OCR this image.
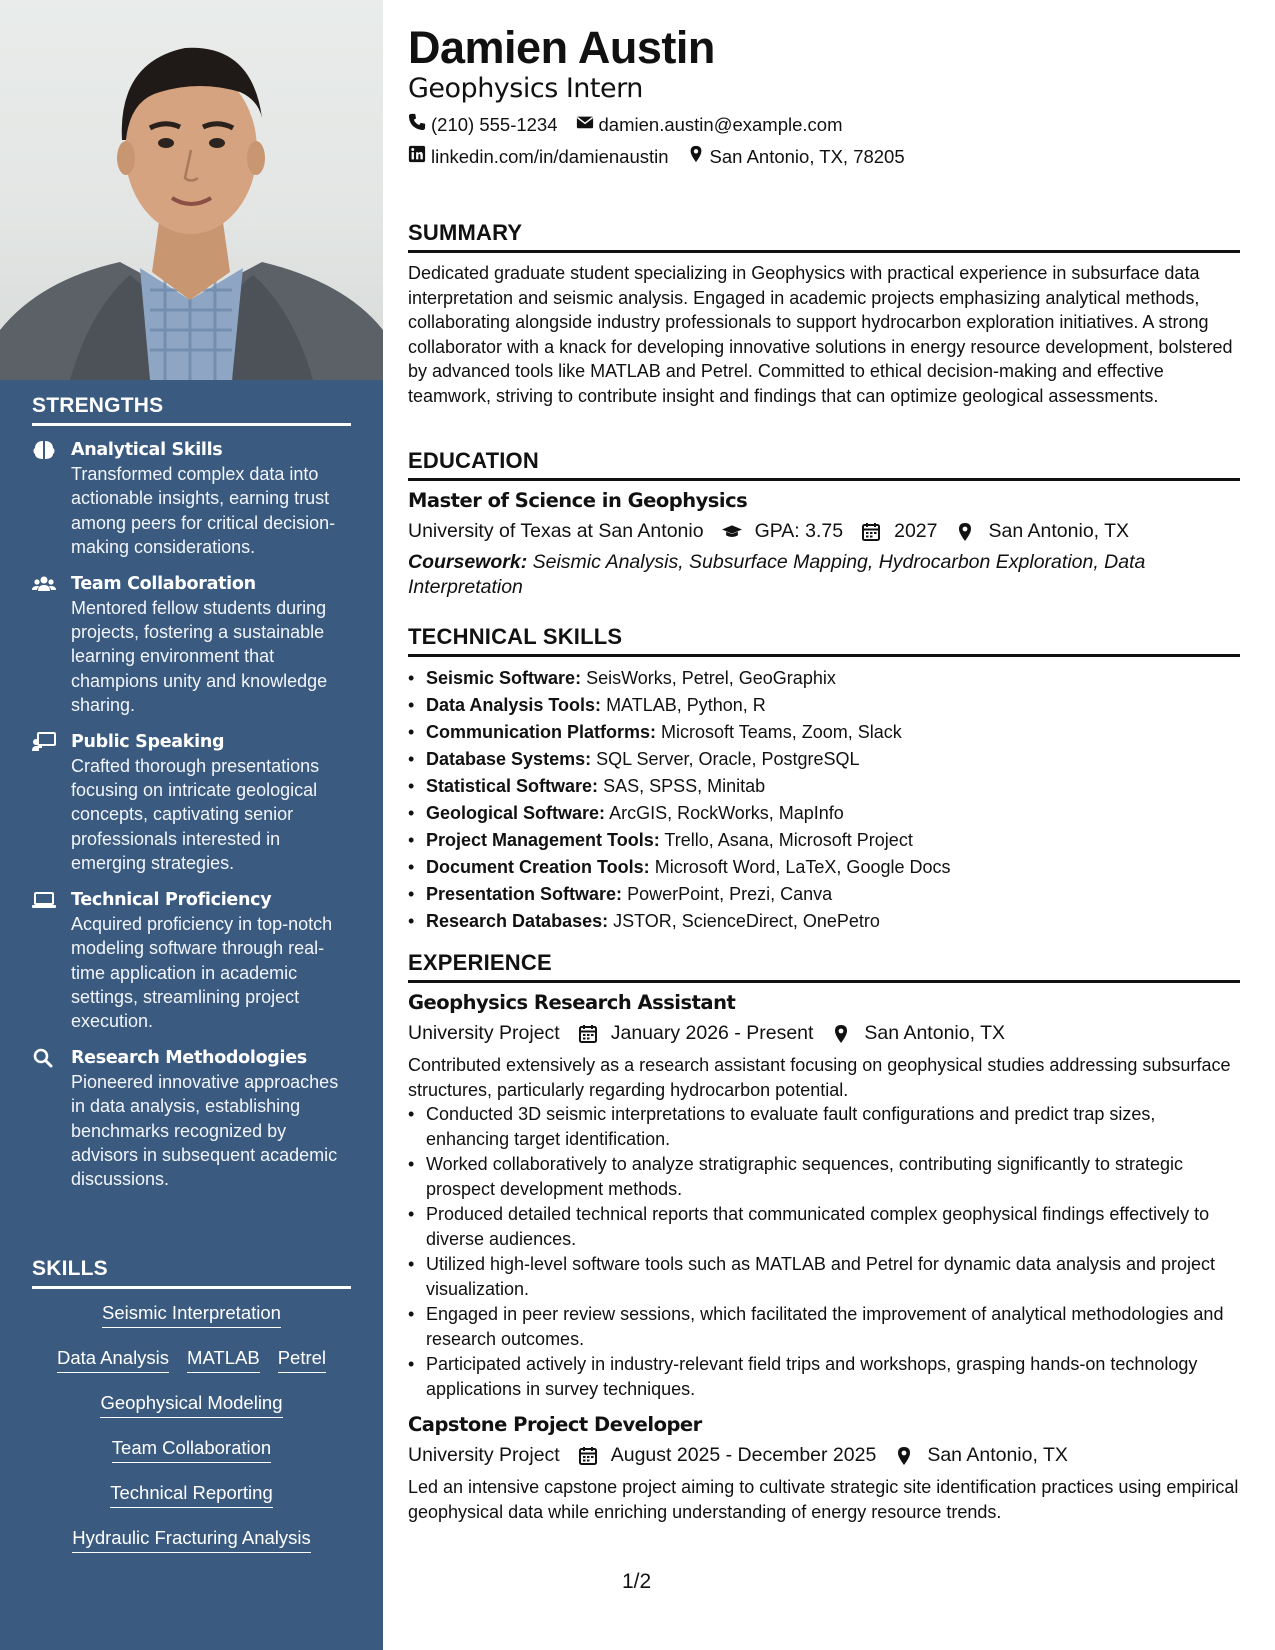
STRENGTHS
Analytical Skills
Transformed complex data into actionable insights, earning trust among peers for critical decision-making considerations.
Team Collaboration
Mentored fellow students during projects, fostering a sustainable learning environment that champions unity and knowledge sharing.
Public Speaking
Crafted thorough presentations focusing on intricate geological concepts, captivating senior professionals interested in emerging strategies.
Technical Proficiency
Acquired proficiency in top-notch modeling software through real-time application in academic settings, streamlining project execution.
Research Methodologies
Pioneered innovative approaches in data analysis, establishing benchmarks recognized by advisors in subsequent academic discussions.
SKILLS
Seismic Interpretation
Data Analysis MATLAB Petrel
Geophysical Modeling
Team Collaboration
Technical Reporting
Hydraulic Fracturing Analysis
Damien Austin
Geophysics Intern
(210) 555-1234 damien.austin@example.com
linkedin.com/in/damienaustin San Antonio, TX, 78205
SUMMARY
Dedicated graduate student specializing in Geophysics with practical experience in subsurface data interpretation and seismic analysis. Engaged in academic projects emphasizing analytical methods, collaborating alongside industry professionals to support hydrocarbon exploration initiatives. A strong collaborator with a knack for developing innovative solutions in energy resource development, bolstered by advanced tools like MATLAB and Petrel. Committed to ethical decision-making and effective teamwork, striving to contribute insight and findings that can optimize geological assessments.
EDUCATION
Master of Science in Geophysics
University of Texas at San Antonio	GPA: 3.75	2027	San Antonio, TX
Coursework: Seismic Analysis, Subsurface Mapping, Hydrocarbon Exploration, Data Interpretation
TECHNICAL SKILLS
• Seismic Software: SeisWorks, Petrel, GeoGraphix
• Data Analysis Tools: MATLAB, Python, R
• Communication Platforms: Microsoft Teams, Zoom, Slack
• Database Systems: SQL Server, Oracle, PostgreSQL
• Statistical Software: SAS, SPSS, Minitab
• Geological Software: ArcGIS, RockWorks, MapInfo
• Project Management Tools: Trello, Asana, Microsoft Project
• Document Creation Tools: Microsoft Word, LaTeX, Google Docs
• Presentation Software: PowerPoint, Prezi, Canva
• Research Databases: JSTOR, ScienceDirect, OnePetro
EXPERIENCE
Geophysics Research Assistant
University Project	January 2026 - Present	San Antonio, TX
Contributed extensively as a research assistant focusing on geophysical studies addressing subsurface structures, particularly regarding hydrocarbon potential.
• Conducted 3D seismic interpretations to evaluate fault configurations and predict trap sizes, enhancing target identification.
• Worked collaboratively to analyze stratigraphic sequences, contributing significantly to strategic prospect development methods.
• Produced detailed technical reports that communicated complex geophysical findings effectively to diverse audiences.
• Utilized high-level software tools such as MATLAB and Petrel for dynamic data analysis and project visualization.
• Engaged in peer review sessions, which facilitated the improvement of analytical methodologies and research outcomes.
• Participated actively in industry-relevant field trips and workshops, grasping hands-on technology applications in survey techniques.
Capstone Project Developer
University Project	August 2025 - December 2025	San Antonio, TX
Led an intensive capstone project aiming to cultivate strategic site identification practices using empirical geophysical data while enriching understanding of energy resource trends.
1/2
